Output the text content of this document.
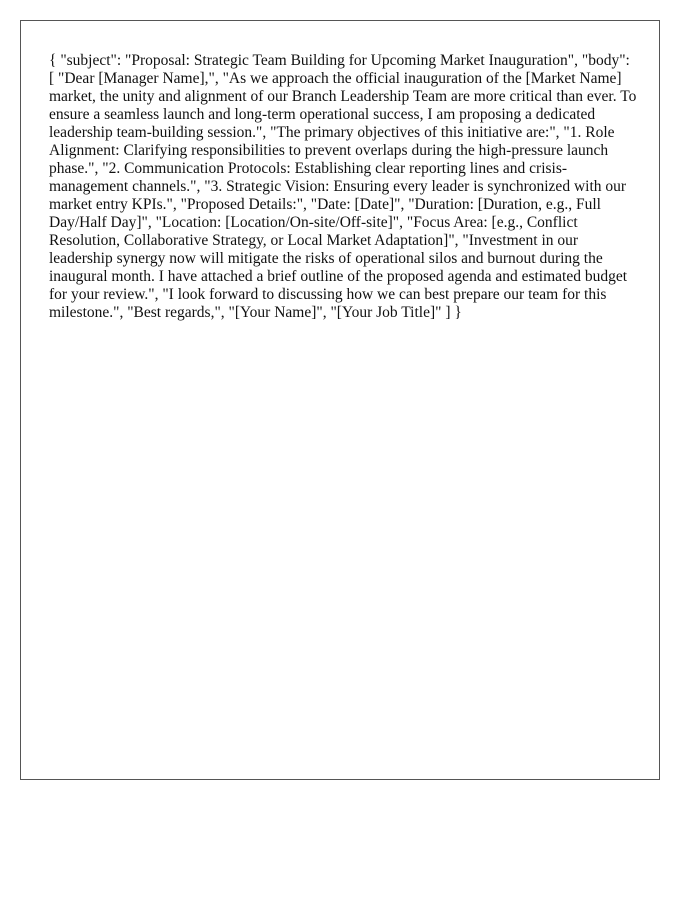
{ "subject": "Proposal: Strategic Team Building for Upcoming Market Inauguration", "body": [ "Dear [Manager Name],", "As we approach the official inauguration of the [Market Name] market, the unity and alignment of our Branch Leadership Team are more critical than ever. To ensure a seamless launch and long-term operational success, I am proposing a dedicated leadership team-building session.", "The primary objectives of this initiative are:", "1. Role Alignment: Clarifying responsibilities to prevent overlaps during the high-pressure launch phase.", "2. Communication Protocols: Establishing clear reporting lines and crisis-management channels.", "3. Strategic Vision: Ensuring every leader is synchronized with our market entry KPIs.", "Proposed Details:", "Date: [Date]", "Duration: [Duration, e.g., Full Day/Half Day]", "Location: [Location/On-site/Off-site]", "Focus Area: [e.g., Conflict Resolution, Collaborative Strategy, or Local Market Adaptation]", "Investment in our leadership synergy now will mitigate the risks of operational silos and burnout during the inaugural month. I have attached a brief outline of the proposed agenda and estimated budget for your review.", "I look forward to discussing how we can best prepare our team for this milestone.", "Best regards,", "[Your Name]", "[Your Job Title]" ] }
